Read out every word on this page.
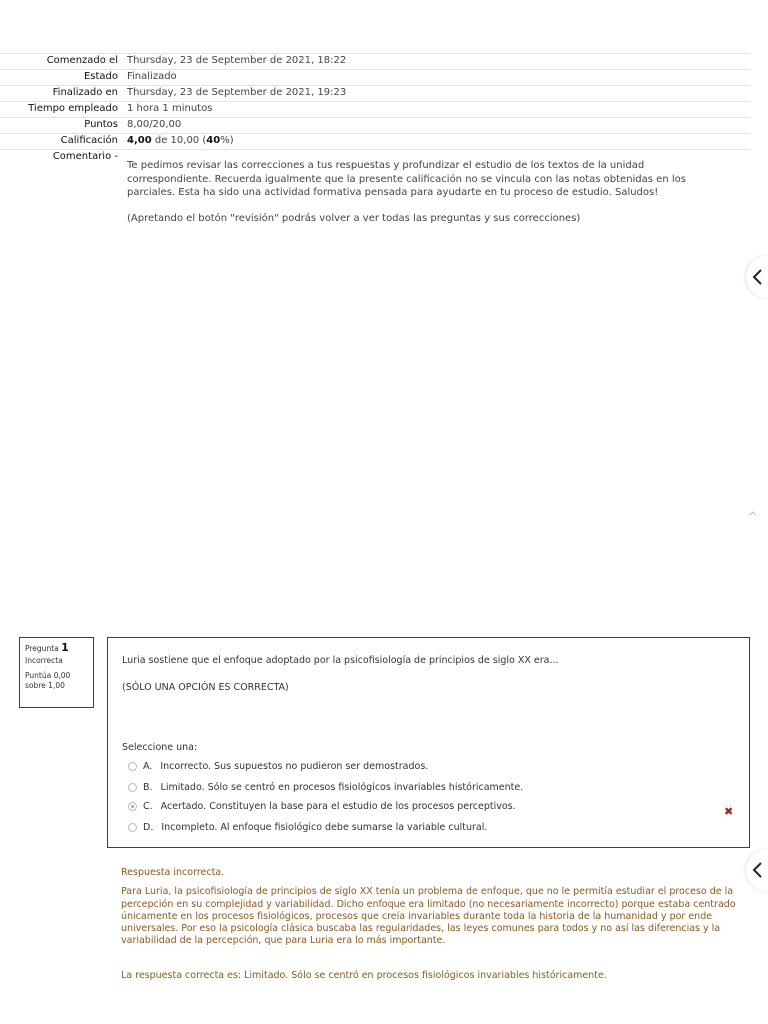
Comenzado el	Thursday, 23 de September de 2021, 18:22
Estado	Finalizado
Finalizado en	Thursday, 23 de September de 2021, 19:23
Tiempo empleado	1 hora 1 minutos
Puntos	8,00/20,00
Calificación	4,00 de 10,00 (40%)
Comentario -	Te pedimos revisar las correcciones a tus respuestas y profundizar el estudio de los textos de la unidad correspondiente. Recuerda igualmente que la presente calificación no se vincula con las notas obtenidas en los parciales. Esta ha sido una actividad formativa pensada para ayudarte en tu proceso de estudio. Saludos!

(Apretando el botón "revisión" podrás volver a ver todas las preguntas y sus correcciones)

Pregunta 1
Incorrecta
Puntúa 0,00 sobre 1,00
Luria sostiene que el enfoque adoptado por la psicofisiología de principios de siglo XX era...
(SÓLO UNA OPCIÓN ES CORRECTA)
Seleccione una:
A. Incorrecto. Sus supuestos no pudieron ser demostrados.
B. Limitado. Sólo se centró en procesos fisiológicos invariables históricamente.
C. Acertado. Constituyen la base para el estudio de los procesos perceptivos.
D. Incompleto. Al enfoque fisiológico debe sumarse la variable cultural.
✖
Respuesta incorrecta.
Para Luria, la psicofisiología de principios de siglo XX tenía un problema de enfoque, que no le permitía estudiar el proceso de la percepción en su complejidad y variabilidad. Dicho enfoque era limitado (no necesariamente incorrecto) porque estaba centrado únicamente en los procesos fisiológicos, procesos que creía invariables durante toda la historia de la humanidad y por ende universales. Por eso la psicología clásica buscaba las regularidades, las leyes comunes para todos y no así las diferencias y la variabilidad de la percepción, que para Luria era lo más importante.
La respuesta correcta es: Limitado. Sólo se centró en procesos fisiológicos invariables históricamente.
